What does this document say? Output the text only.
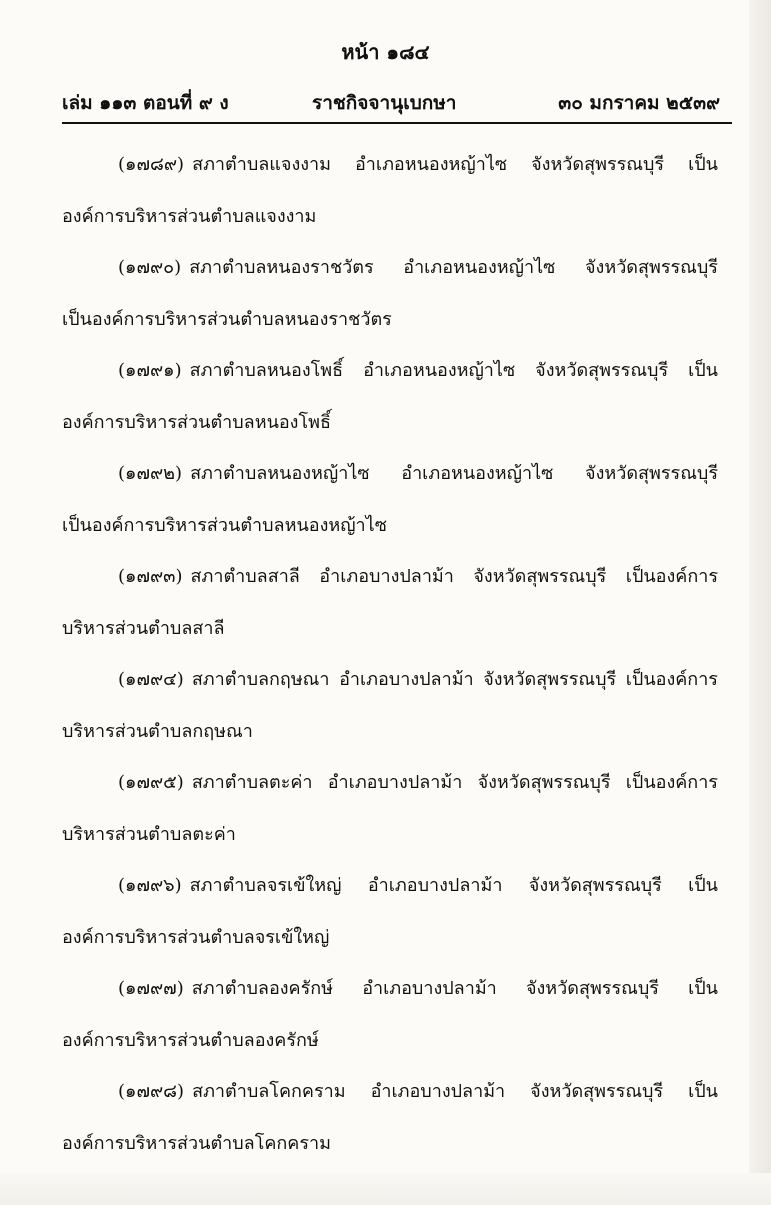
หน้า ๑๘๔
เล่ม ๑๑๓ ตอนที่ ๙ ง	ราชกิจจานุเบกษา	๓๐ มกราคม ๒๕๓๙
(๑๗๘๙) สภาตำบลแจงงาม อำเภอหนองหญ้าไซ จังหวัดสุพรรณบุรี เป็น
องค์การบริหารส่วนตำบลแจงงาม
(๑๗๙๐) สภาตำบลหนองราชวัตร อำเภอหนองหญ้าไซ จังหวัดสุพรรณบุรี
เป็นองค์การบริหารส่วนตำบลหนองราชวัตร
(๑๗๙๑) สภาตำบลหนองโพธิ์ อำเภอหนองหญ้าไซ จังหวัดสุพรรณบุรี เป็น
องค์การบริหารส่วนตำบลหนองโพธิ์
(๑๗๙๒) สภาตำบลหนองหญ้าไซ อำเภอหนองหญ้าไซ จังหวัดสุพรรณบุรี
เป็นองค์การบริหารส่วนตำบลหนองหญ้าไซ
(๑๗๙๓) สภาตำบลสาลี อำเภอบางปลาม้า จังหวัดสุพรรณบุรี เป็นองค์การ
บริหารส่วนตำบลสาลี
(๑๗๙๔) สภาตำบลกฤษณา อำเภอบางปลาม้า จังหวัดสุพรรณบุรี เป็นองค์การ
บริหารส่วนตำบลกฤษณา
(๑๗๙๕) สภาตำบลตะค่า อำเภอบางปลาม้า จังหวัดสุพรรณบุรี เป็นองค์การ
บริหารส่วนตำบลตะค่า
(๑๗๙๖) สภาตำบลจรเข้ใหญ่ อำเภอบางปลาม้า จังหวัดสุพรรณบุรี เป็น
องค์การบริหารส่วนตำบลจรเข้ใหญ่
(๑๗๙๗) สภาตำบลองครักษ์ อำเภอบางปลาม้า จังหวัดสุพรรณบุรี เป็น
องค์การบริหารส่วนตำบลองครักษ์
(๑๗๙๘) สภาตำบลโคกคราม อำเภอบางปลาม้า จังหวัดสุพรรณบุรี เป็น
องค์การบริหารส่วนตำบลโคกคราม
